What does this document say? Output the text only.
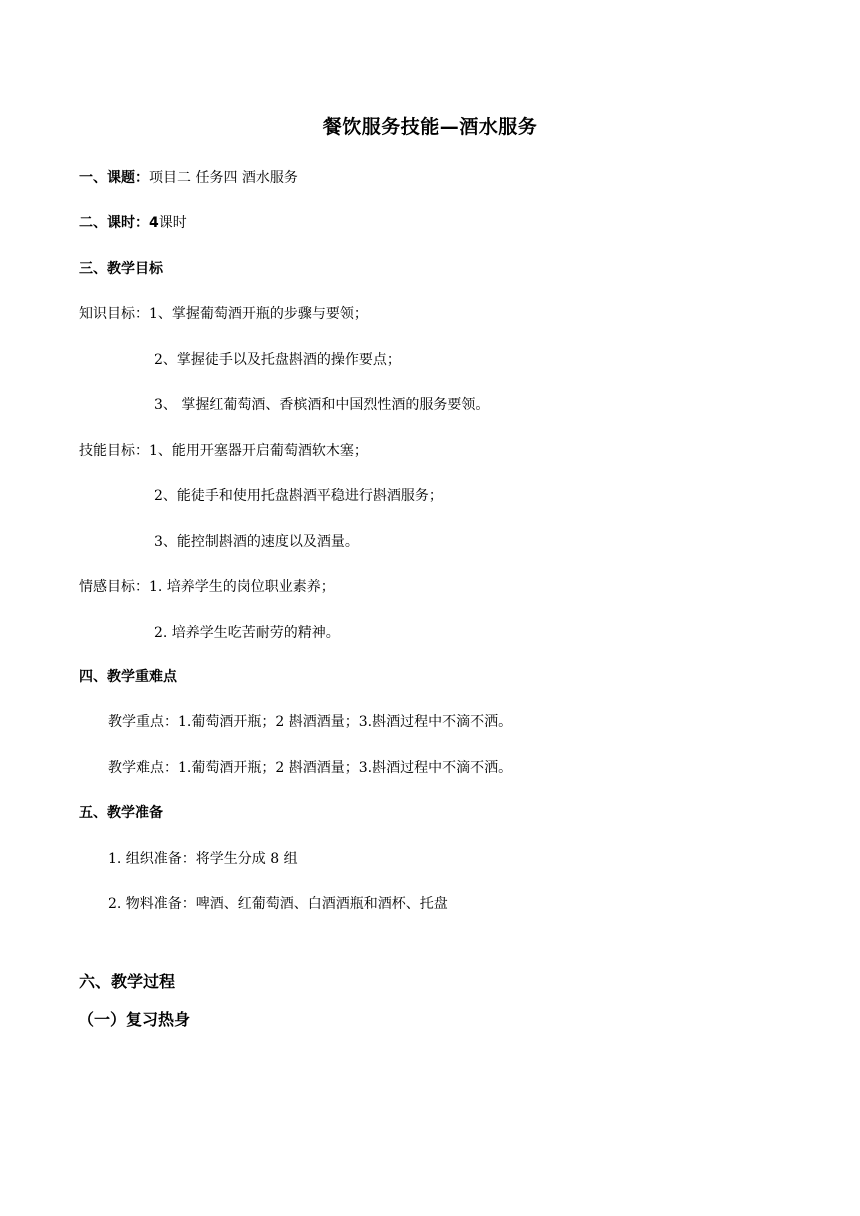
餐饮服务技能—酒水服务
一、课题：项目二 任务四 酒水服务
二、课时：4课时
三、教学目标
知识目标：1、掌握葡萄酒开瓶的步骤与要领；
2、掌握徒手以及托盘斟酒的操作要点；
3、 掌握红葡萄酒、香槟酒和中国烈性酒的服务要领。
技能目标：1、能用开塞器开启葡萄酒软木塞；
2、能徒手和使用托盘斟酒平稳进行斟酒服务；
3、能控制斟酒的速度以及酒量。
情感目标：1. 培养学生的岗位职业素养；
2. 培养学生吃苦耐劳的精神。
四、教学重难点
教学重点：1.葡萄酒开瓶；2 斟酒酒量；3.斟酒过程中不滴不洒。
教学难点：1.葡萄酒开瓶；2 斟酒酒量；3.斟酒过程中不滴不洒。
五、教学准备
1. 组织准备：将学生分成 8 组
2. 物料准备：啤酒、红葡萄酒、白酒酒瓶和酒杯、托盘
六、教学过程
（一）复习热身
